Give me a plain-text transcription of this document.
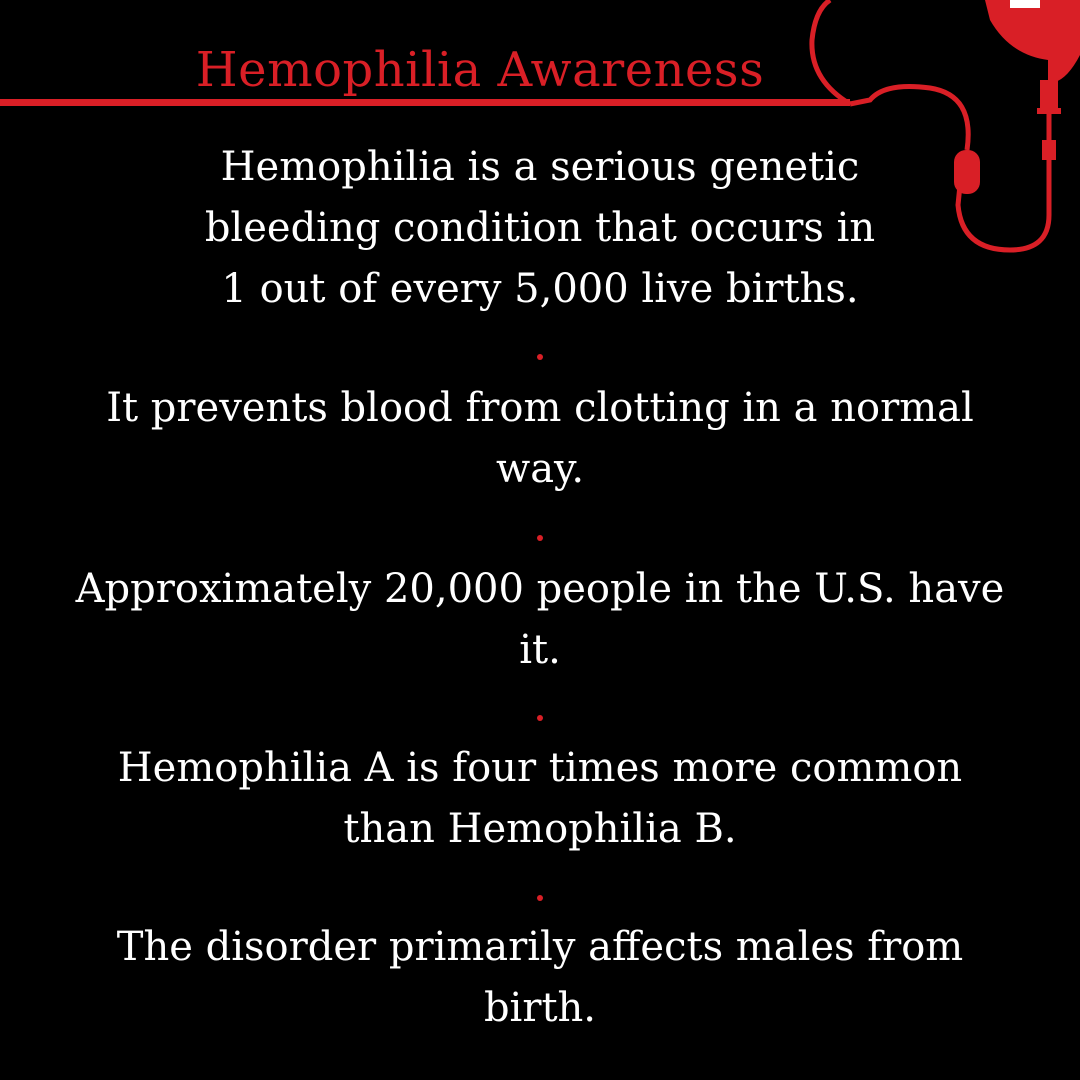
Hemophilia Awareness

Hemophilia is a serious genetic
bleeding condition that occurs in
1 out of every 5,000 live births.

It prevents blood from clotting in a normal
way.

Approximately 20,000 people in the U.S. have
it.

Hemophilia A is four times more common
than Hemophilia B.

The disorder primarily affects males from
birth.
